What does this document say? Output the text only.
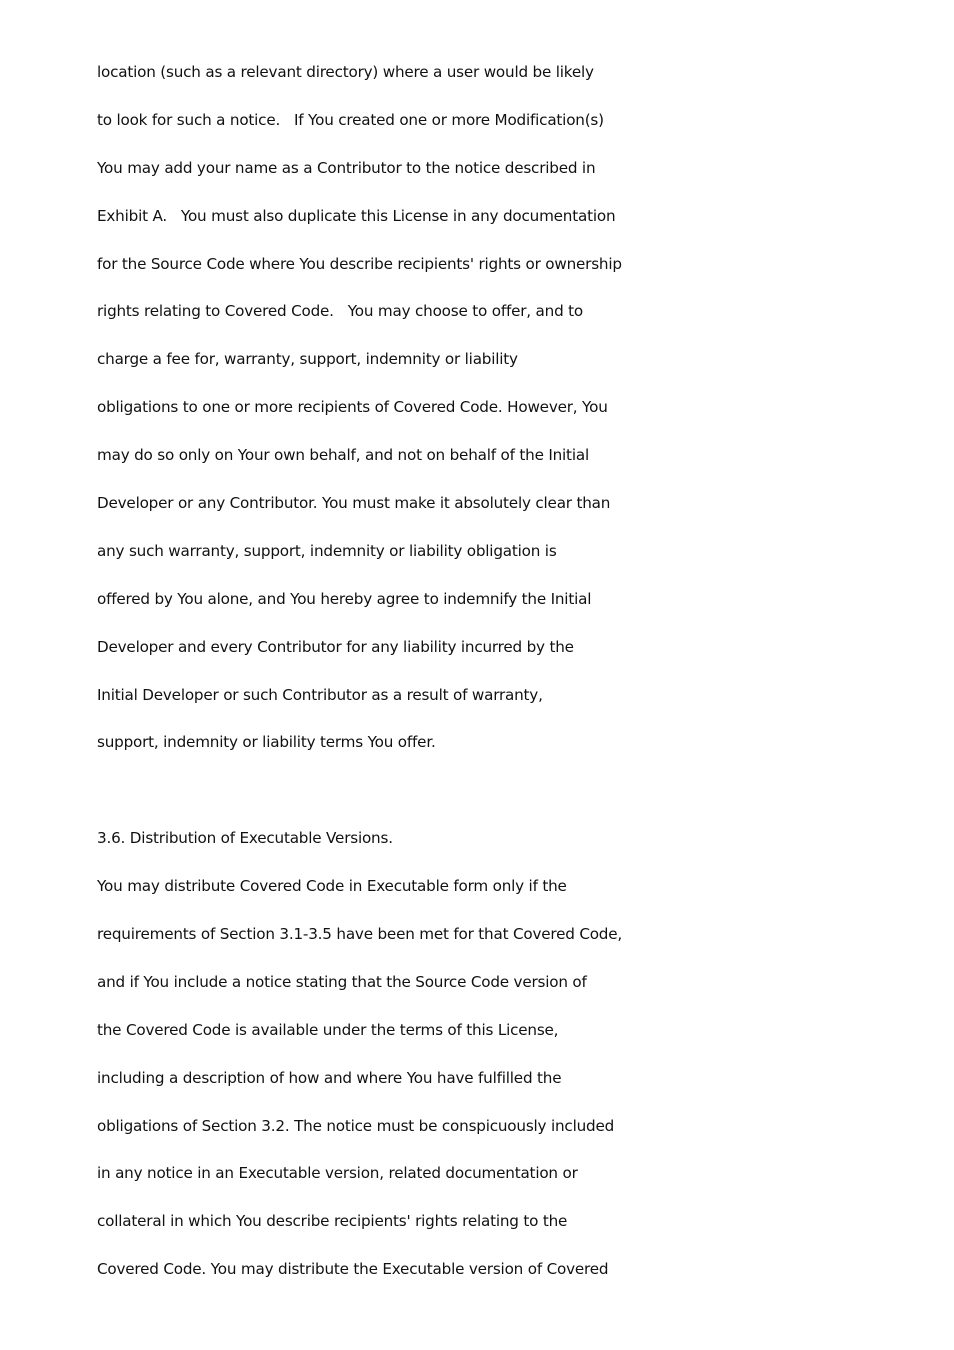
location (such as a relevant directory) where a user would be likely
to look for such a notice.   If You created one or more Modification(s)
You may add your name as a Contributor to the notice described in
Exhibit A.   You must also duplicate this License in any documentation
for the Source Code where You describe recipients' rights or ownership
rights relating to Covered Code.   You may choose to offer, and to
charge a fee for, warranty, support, indemnity or liability
obligations to one or more recipients of Covered Code. However, You
may do so only on Your own behalf, and not on behalf of the Initial
Developer or any Contributor. You must make it absolutely clear than
any such warranty, support, indemnity or liability obligation is
offered by You alone, and You hereby agree to indemnify the Initial
Developer and every Contributor for any liability incurred by the
Initial Developer or such Contributor as a result of warranty,
support, indemnity or liability terms You offer.
3.6. Distribution of Executable Versions.
You may distribute Covered Code in Executable form only if the
requirements of Section 3.1-3.5 have been met for that Covered Code,
and if You include a notice stating that the Source Code version of
the Covered Code is available under the terms of this License,
including a description of how and where You have fulfilled the
obligations of Section 3.2. The notice must be conspicuously included
in any notice in an Executable version, related documentation or
collateral in which You describe recipients' rights relating to the
Covered Code. You may distribute the Executable version of Covered
